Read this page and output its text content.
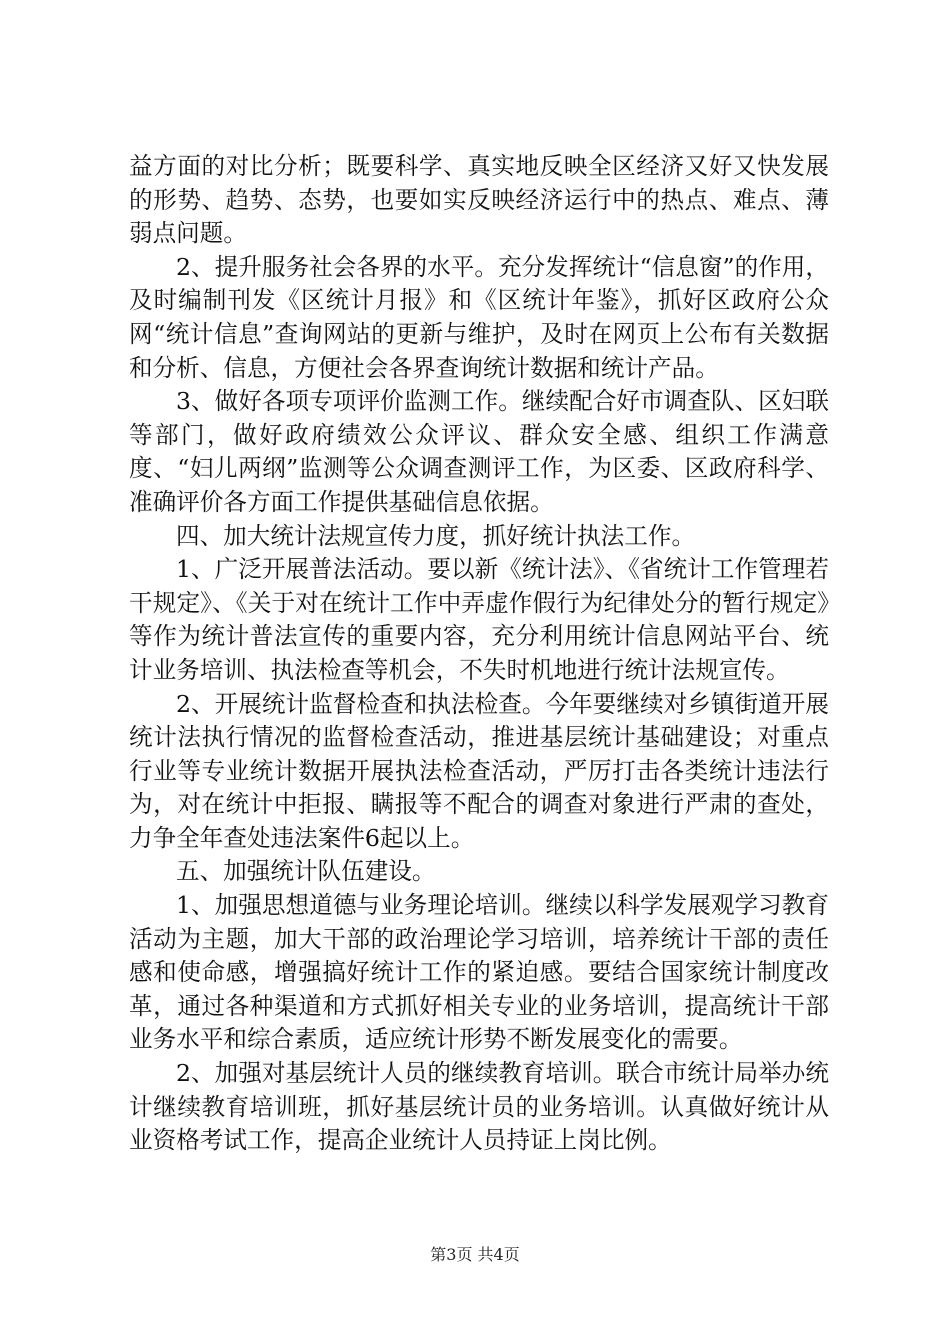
益方面的对比分析；既要科学、真实地反映全区经济又好又快发展的形势、趋势、态势，也要如实反映经济运行中的热点、难点、薄弱点问题。

2、提升服务社会各界的水平。充分发挥统计“信息窗”的作用，及时编制刊发《区统计月报》和《区统计年鉴》，抓好区政府公众网“统计信息”查询网站的更新与维护，及时在网页上公布有关数据和分析、信息，方便社会各界查询统计数据和统计产品。

3、做好各项专项评价监测工作。继续配合好市调查队、区妇联等部门，做好政府绩效公众评议、群众安全感、组织工作满意度、“妇儿两纲”监测等公众调查测评工作，为区委、区政府科学、准确评价各方面工作提供基础信息依据。

四、加大统计法规宣传力度，抓好统计执法工作。

1、广泛开展普法活动。要以新《统计法》、《省统计工作管理若干规定》、《关于对在统计工作中弄虚作假行为纪律处分的暂行规定》等作为统计普法宣传的重要内容，充分利用统计信息网站平台、统计业务培训、执法检查等机会，不失时机地进行统计法规宣传。

2、开展统计监督检查和执法检查。今年要继续对乡镇街道开展统计法执行情况的监督检查活动，推进基层统计基础建设；对重点行业等专业统计数据开展执法检查活动，严厉打击各类统计违法行为，对在统计中拒报、瞒报等不配合的调查对象进行严肃的查处，力争全年查处违法案件6起以上。

五、加强统计队伍建设。

1、加强思想道德与业务理论培训。继续以科学发展观学习教育活动为主题，加大干部的政治理论学习培训，培养统计干部的责任感和使命感，增强搞好统计工作的紧迫感。要结合国家统计制度改革，通过各种渠道和方式抓好相关专业的业务培训，提高统计干部业务水平和综合素质，适应统计形势不断发展变化的需要。

2、加强对基层统计人员的继续教育培训。联合市统计局举办统计继续教育培训班，抓好基层统计员的业务培训。认真做好统计从业资格考试工作，提高企业统计人员持证上岗比例。

第3页 共4页
